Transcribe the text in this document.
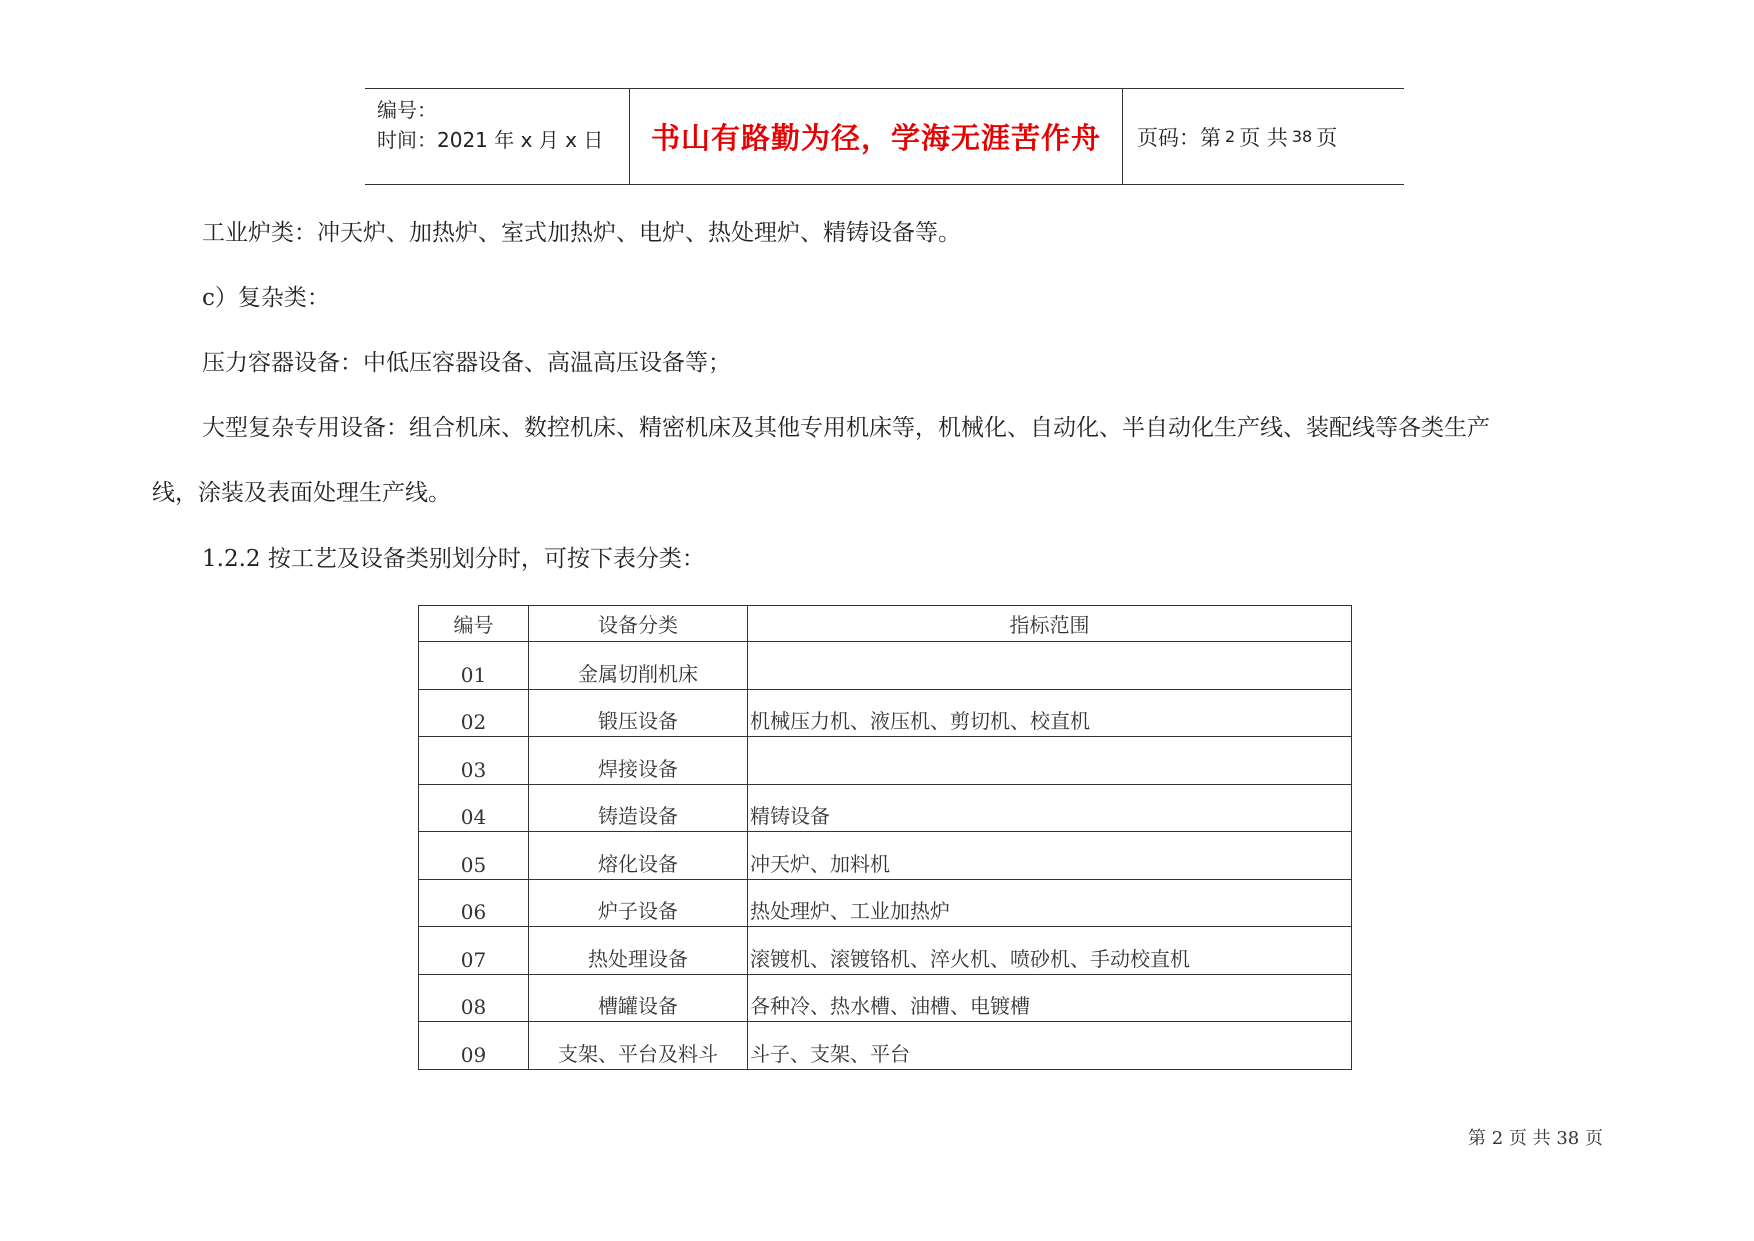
编号：
时间：2021 年 x 月 x 日	书山有路勤为径，学海无涯苦作舟 页码：第 2 页 共 38 页
工业炉类：冲天炉、加热炉、室式加热炉、电炉、热处理炉、精铸设备等。
c）复杂类：
压力容器设备：中低压容器设备、高温高压设备等；
大型复杂专用设备：组合机床、数控机床、精密机床及其他专用机床等，机械化、自动化、半自动化生产线、装配线等各类生产
线，涂装及表面处理生产线。
1.2.2 按工艺及设备类别划分时，可按下表分类：
编号	设备分类	指标范围
01	金属切削机床	
02	锻压设备	机械压力机、液压机、剪切机、校直机
03	焊接设备	
04	铸造设备	精铸设备
05	熔化设备	冲天炉、加料机
06	炉子设备	热处理炉、工业加热炉
07	热处理设备	滚镀机、滚镀铬机、淬火机、喷砂机、手动校直机
08	槽罐设备	各种冷、热水槽、油槽、电镀槽
09	支架、平台及料斗	斗子、支架、平台
第 2 页 共 38 页
